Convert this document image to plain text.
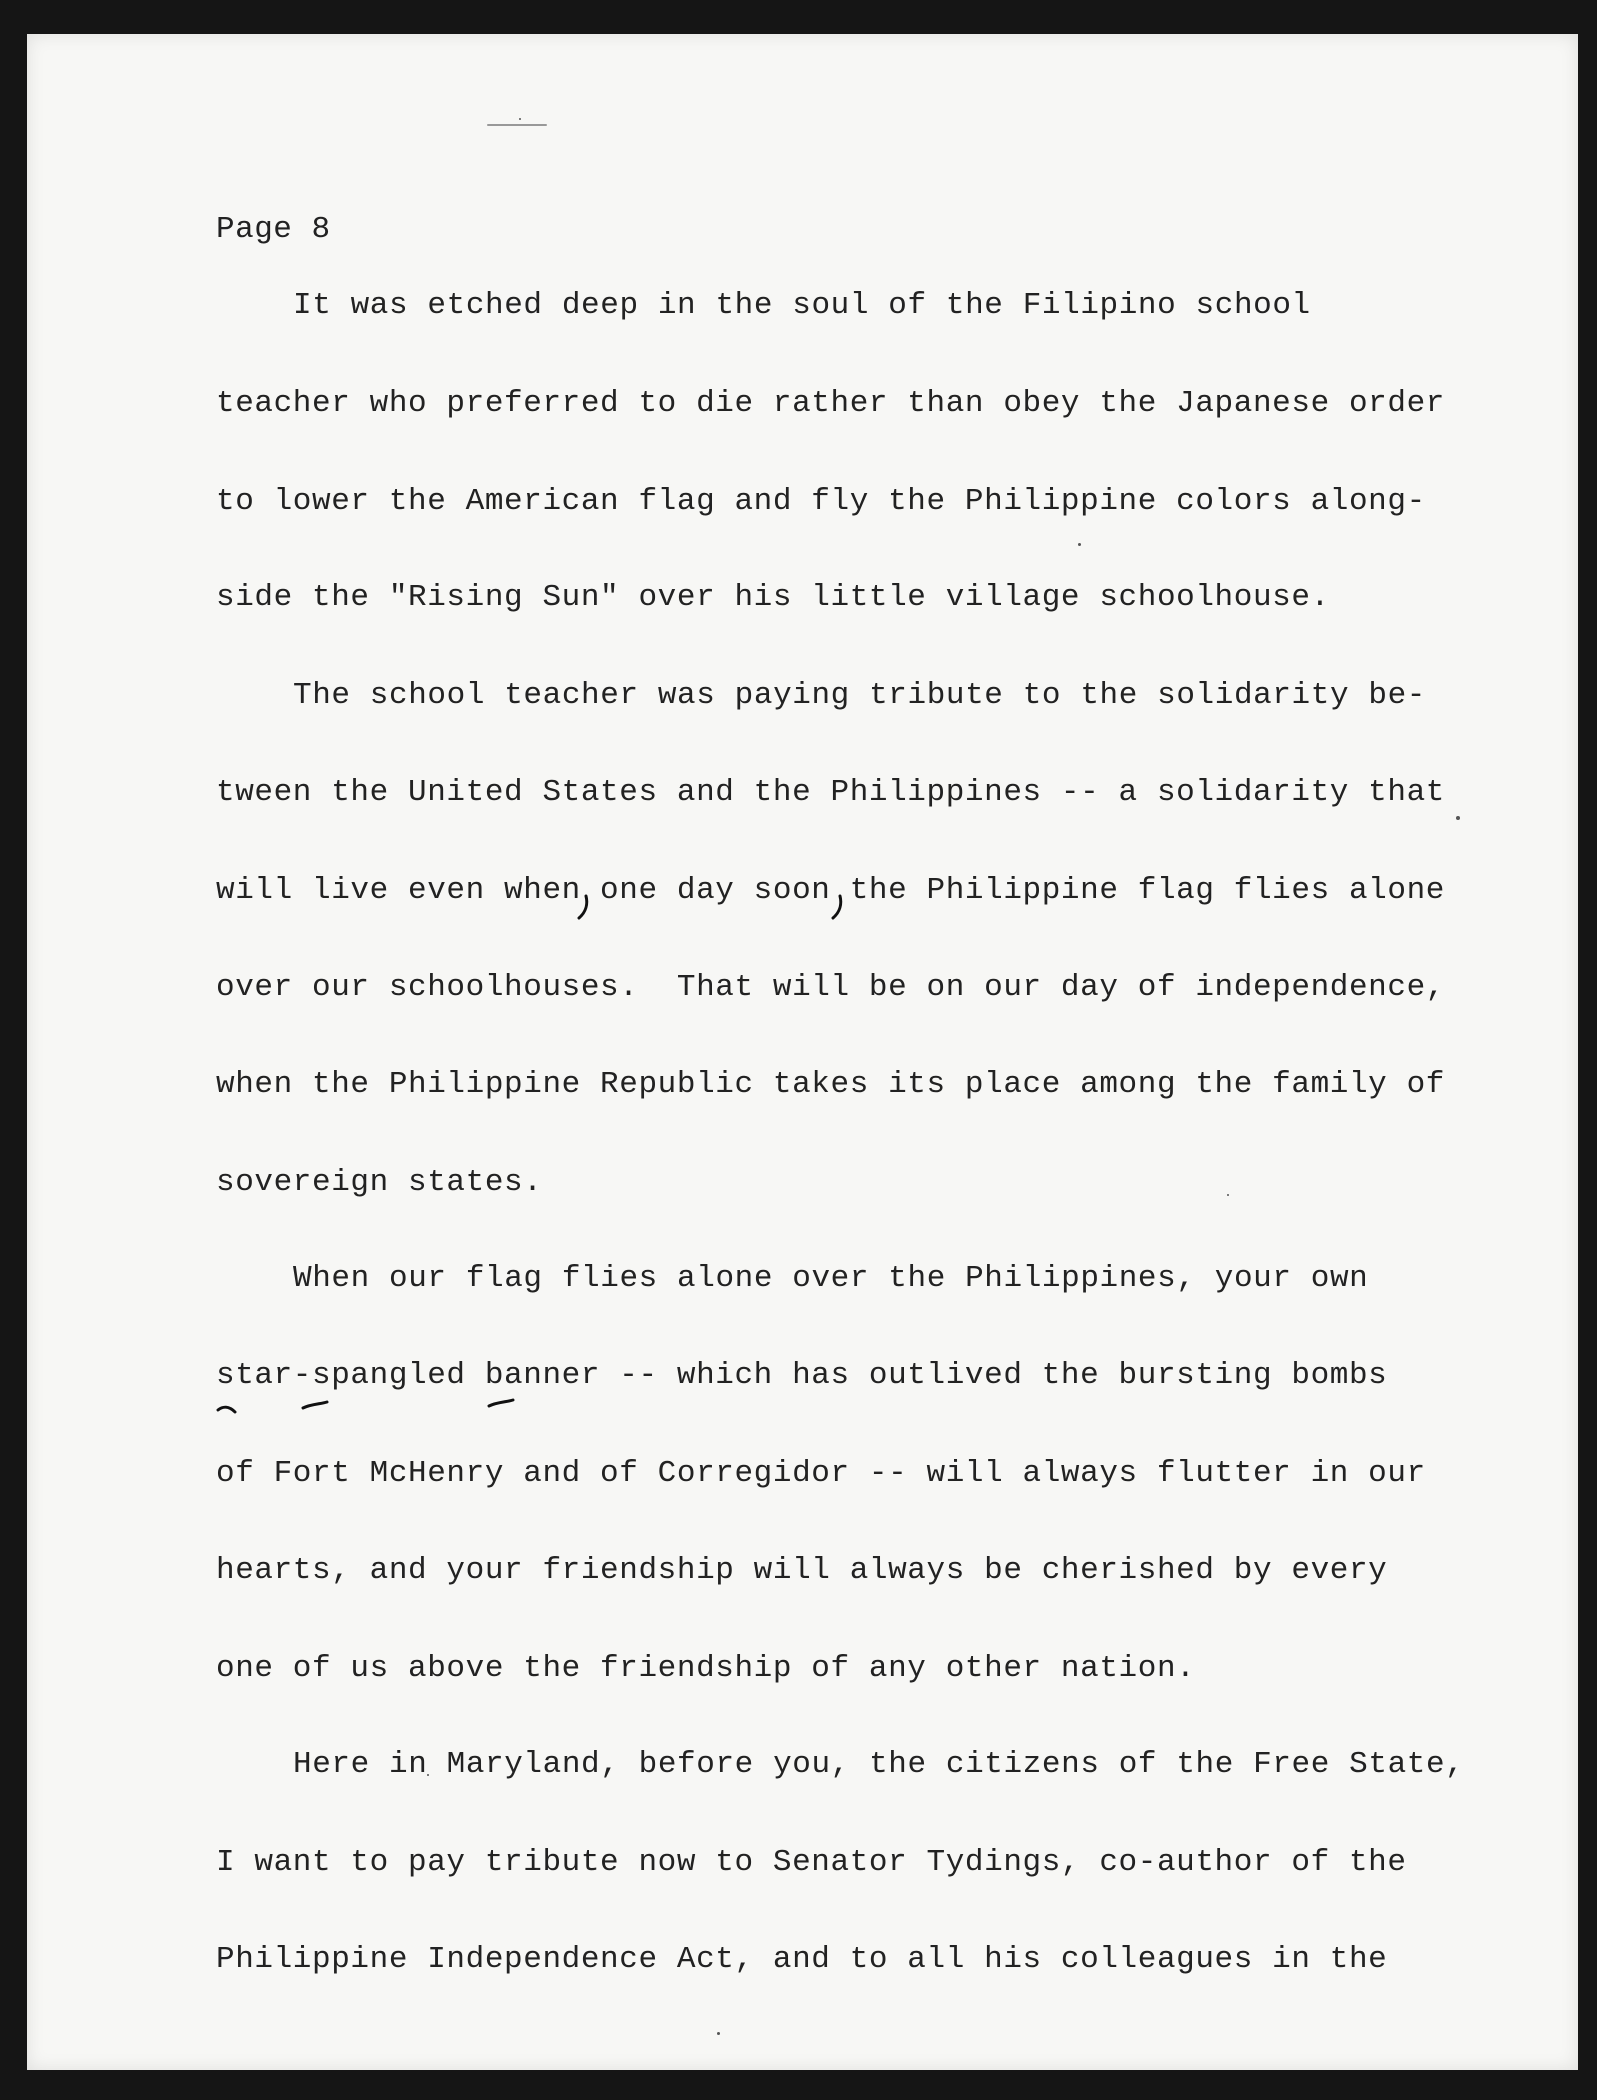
Page 8
It was etched deep in the soul of the Filipino school
teacher who preferred to die rather than obey the Japanese order
to lower the American flag and fly the Philippine colors along-
side the "Rising Sun" over his little village schoolhouse.
The school teacher was paying tribute to the solidarity be-
tween the United States and the Philippines -- a solidarity that
will live even when one day soon the Philippine flag flies alone
over our schoolhouses.  That will be on our day of independence,
when the Philippine Republic takes its place among the family of
sovereign states.
When our flag flies alone over the Philippines, your own
star-spangled banner -- which has outlived the bursting bombs
of Fort McHenry and of Corregidor -- will always flutter in our
hearts, and your friendship will always be cherished by every
one of us above the friendship of any other nation.
Here in Maryland, before you, the citizens of the Free State,
I want to pay tribute now to Senator Tydings, co-author of the
Philippine Independence Act, and to all his colleagues in the
